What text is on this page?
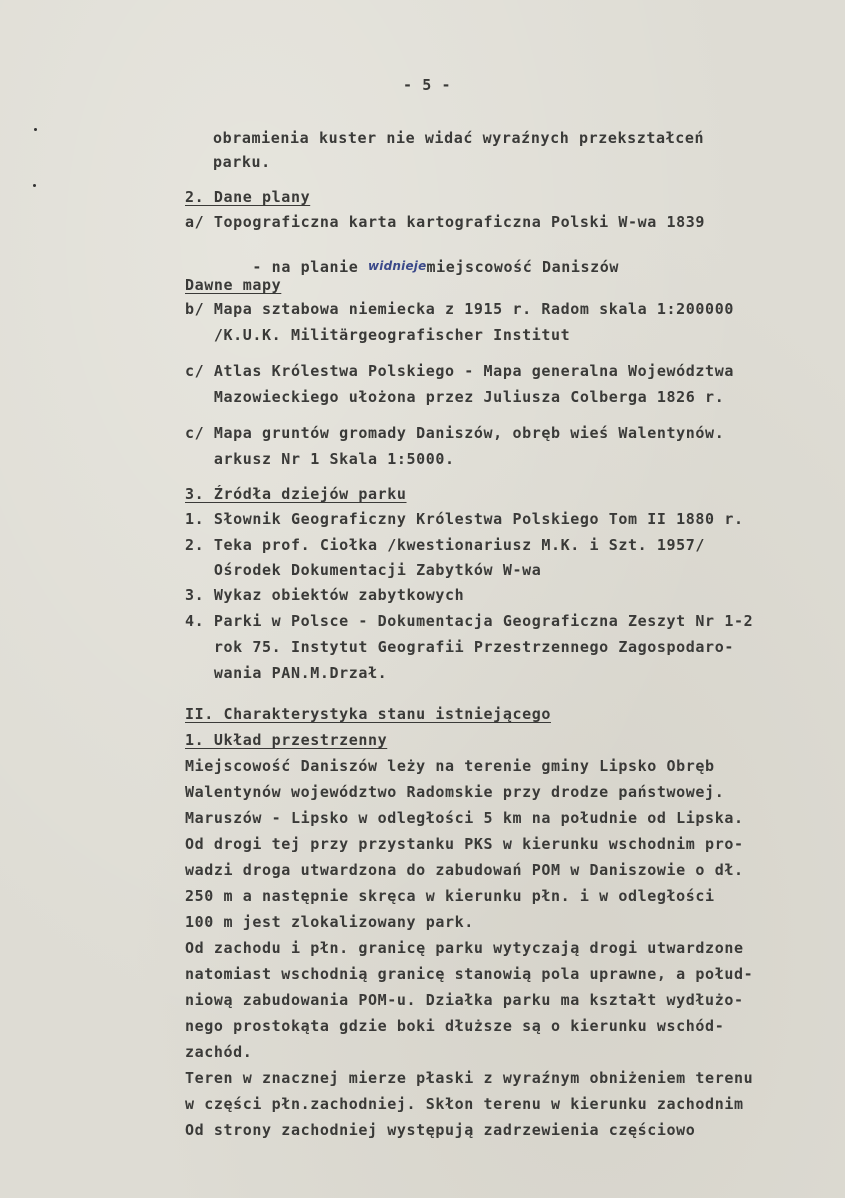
- 5 -
obramienia kuster nie widać wyraźnych przekształceń
parku.
2. Dane plany
a/ Topograficzna karta kartograficzna Polski W-wa 1839

- na planie widniejemiejscowość Daniszów

Dawne mapy
b/ Mapa sztabowa niemiecka z 1915 r. Radom skala 1:200000
/K.U.K. Militärgeografischer Institut
c/ Atlas Królestwa Polskiego - Mapa generalna Województwa
Mazowieckiego ułożona przez Juliusza Colberga 1826 r.
c/ Mapa gruntów gromady Daniszów, obręb wieś Walentynów.
arkusz Nr 1 Skala 1:5000.
3. Źródła dziejów parku
1. Słownik Geograficzny Królestwa Polskiego Tom II 1880 r.
2. Teka prof. Ciołka /kwestionariusz M.K. i Szt. 1957/
Ośrodek Dokumentacji Zabytków W-wa
3. Wykaz obiektów zabytkowych
4. Parki w Polsce - Dokumentacja Geograficzna Zeszyt Nr 1-2
rok 75. Instytut Geografii Przestrzennego Zagospodaro-
wania PAN.M.Drzał.
II. Charakterystyka stanu istniejącego
1. Układ przestrzenny
Miejscowość Daniszów leży na terenie gminy Lipsko Obręb
Walentynów województwo Radomskie przy drodze państwowej.
Maruszów - Lipsko w odległości 5 km na południe od Lipska.
Od drogi tej przy przystanku PKS w kierunku wschodnim pro-
wadzi droga utwardzona do zabudowań POM w Daniszowie o dł.
250 m a następnie skręca w kierunku płn. i w odległości
100 m jest zlokalizowany park.
Od zachodu i płn. granicę parku wytyczają drogi utwardzone
natomiast wschodnią granicę stanowią pola uprawne, a połud-
niową zabudowania POM-u. Działka parku ma kształt wydłużo-
nego prostokąta gdzie boki dłuższe są o kierunku wschód-
zachód.
Teren w znacznej mierze płaski z wyraźnym obniżeniem terenu
w części płn.zachodniej. Skłon terenu w kierunku zachodnim
Od strony zachodniej występują zadrzewienia częściowo
